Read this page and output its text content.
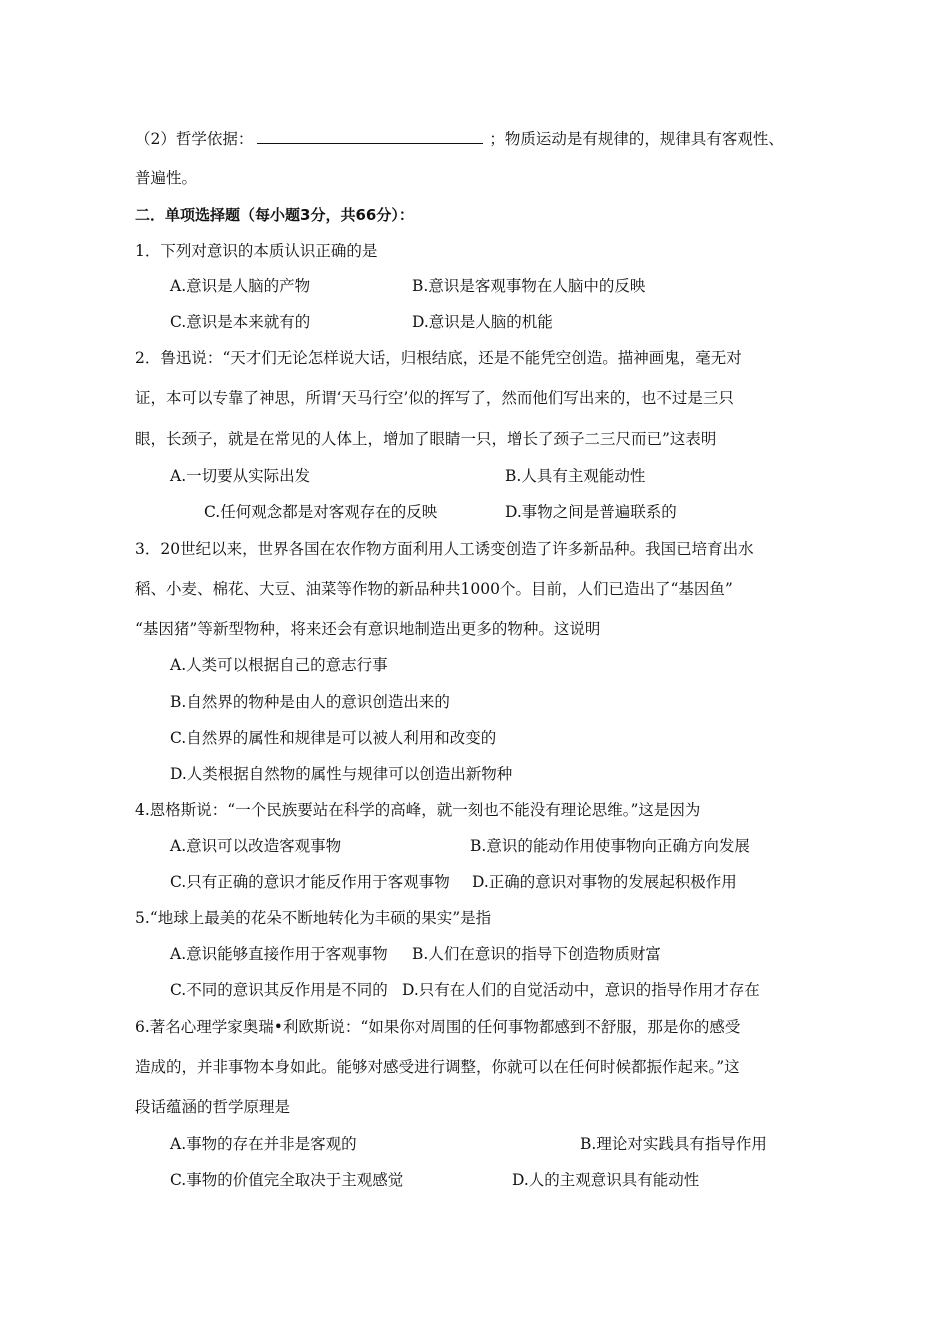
（2）哲学依据：	；物质运动是有规律的，规律具有客观性、
普遍性。
二．单项选择题（每小题3分，共66分）：
1．下列对意识的本质认识正确的是
A.意识是人脑的产物	B.意识是客观事物在人脑中的反映
C.意识是本来就有的	D.意识是人脑的机能
2．鲁迅说：“天才们无论怎样说大话，归根结底，还是不能凭空创造。描神画鬼，毫无对
证，本可以专靠了神思，所谓‘天马行空’似的挥写了，然而他们写出来的，也不过是三只
眼，长颈子，就是在常见的人体上，增加了眼睛一只，增长了颈子二三尺而已”这表明
A.一切要从实际出发	B.人具有主观能动性
C.任何观念都是对客观存在的反映	D.事物之间是普遍联系的
3．20世纪以来，世界各国在农作物方面利用人工诱变创造了许多新品种。我国已培育出水
稻、小麦、棉花、大豆、油菜等作物的新品种共1000个。目前，人们已造出了“基因鱼”
“基因猪”等新型物种，将来还会有意识地制造出更多的物种。这说明
A.人类可以根据自己的意志行事
B.自然界的物种是由人的意识创造出来的
C.自然界的属性和规律是可以被人利用和改变的
D.人类根据自然物的属性与规律可以创造出新物种
4.恩格斯说：“一个民族要站在科学的高峰，就一刻也不能没有理论思维。”这是因为
A.意识可以改造客观事物	B.意识的能动作用使事物向正确方向发展
C.只有正确的意识才能反作用于客观事物 D.正确的意识对事物的发展起积极作用
5.“地球上最美的花朵不断地转化为丰硕的果实”是指
A.意识能够直接作用于客观事物 B.人们在意识的指导下创造物质财富
C.不同的意识其反作用是不同的 D.只有在人们的自觉活动中，意识的指导作用才存在
6.著名心理学家奥瑞•利欧斯说：“如果你对周围的任何事物都感到不舒服，那是你的感受
造成的，并非事物本身如此。能够对感受进行调整，你就可以在任何时候都振作起来。”这
段话蕴涵的哲学原理是
A.事物的存在并非是客观的	B.理论对实践具有指导作用
C.事物的价值完全取决于主观感觉	D.人的主观意识具有能动性
